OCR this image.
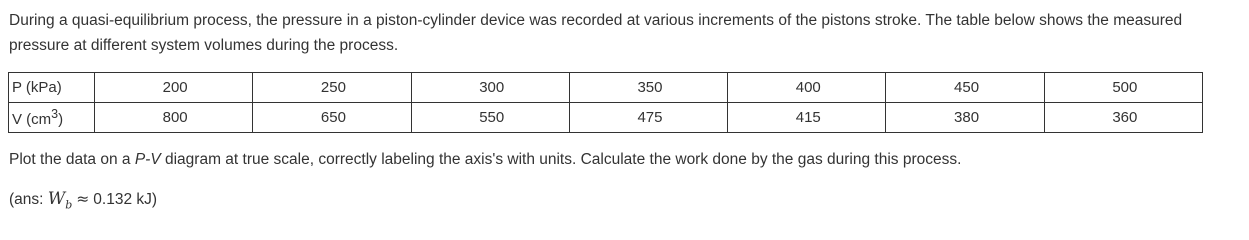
During a quasi-equilibrium process, the pressure in a piston-cylinder device was recorded at various increments of the pistons stroke. The table below shows the measured pressure at different system volumes during the process.

P (kPa)	200	250	300	350	400	450	500
V $(cm^3)$	800	650	550	475	415	380	360

Plot the data on a P-V diagram at true scale, correctly labeling the axis's with units. Calculate the work done by the gas during this process.

(ans: $W_b \approx 0.132$ kJ)
